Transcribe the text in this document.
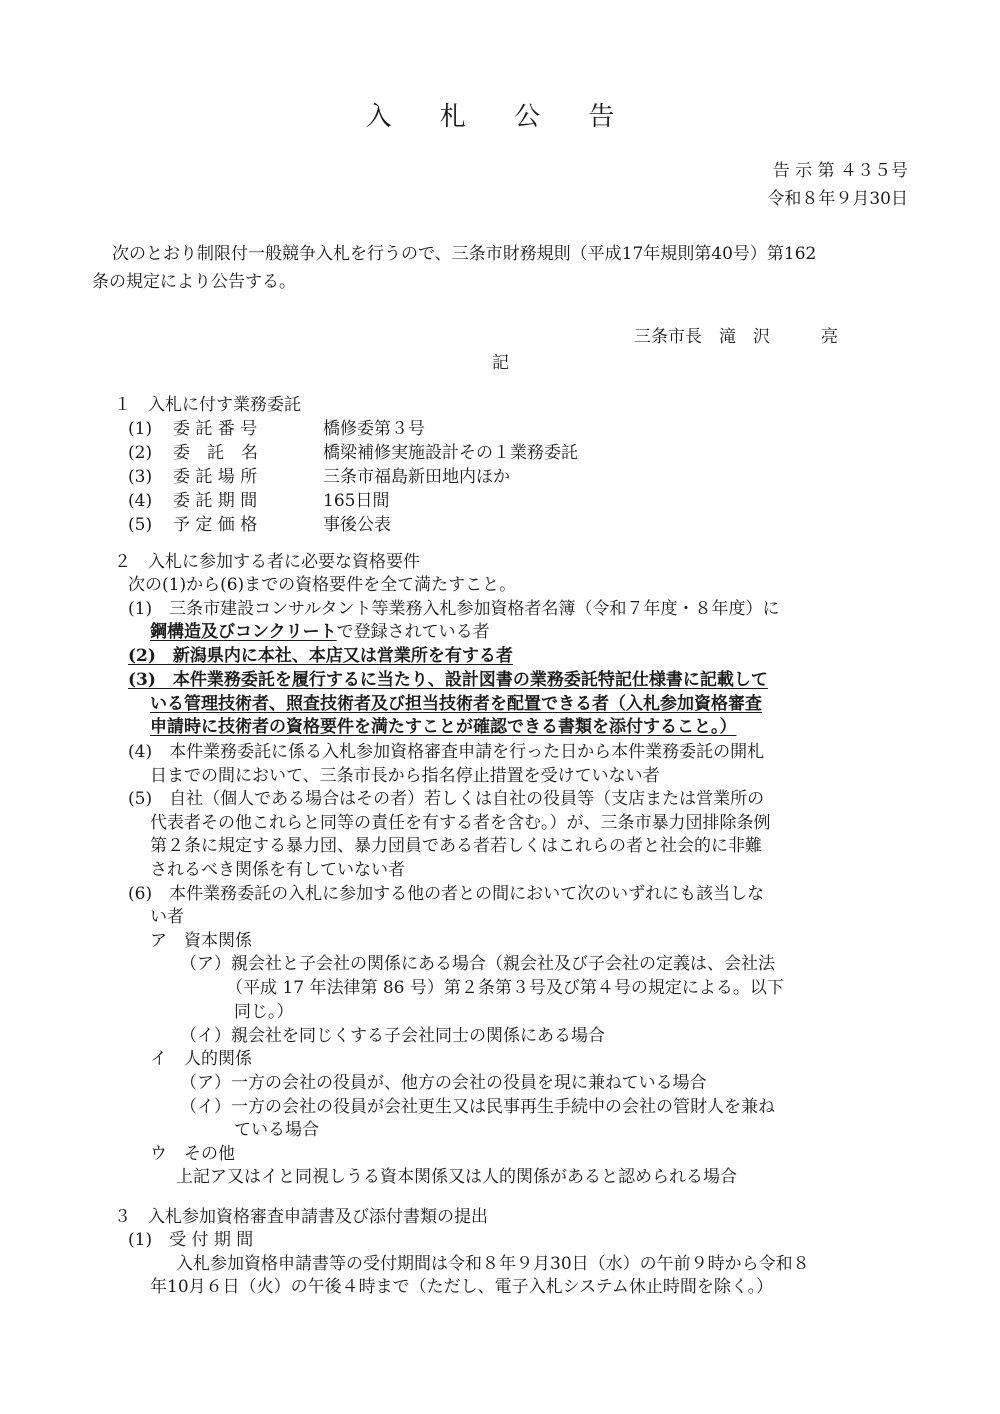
入 札 公 告
告 示 第 ４３５号
令和８年９月30日
次のとおり制限付一般競争入札を行うので、三条市財務規則（平成17年規則第40号）第162
条の規定により公告する。
三条市長　滝　沢　　　亮
記
１　入札に付す業務委託
(1) 委 託 番 号	橋修委第３号
(2) 委　託　名	橋梁補修実施設計その１業務委託
(3) 委 託 場 所	三条市福島新田地内ほか
(4) 委 託 期 間	165日間
(5) 予 定 価 格	事後公表
２　入札に参加する者に必要な資格要件
次の(1)から(6)までの資格要件を全て満たすこと。
(1)　三条市建設コンサルタント等業務入札参加資格者名簿（令和７年度・８年度）に
鋼構造及びコンクリートで登録されている者
(2)　新潟県内に本社、本店又は営業所を有する者
(3)　本件業務委託を履行するに当たり、設計図書の業務委託特記仕様書に記載して
いる管理技術者、照査技術者及び担当技術者を配置できる者（入札参加資格審査
申請時に技術者の資格要件を満たすことが確認できる書類を添付すること。）
(4)　本件業務委託に係る入札参加資格審査申請を行った日から本件業務委託の開札
日までの間において、三条市長から指名停止措置を受けていない者
(5)　自社（個人である場合はその者）若しくは自社の役員等（支店または営業所の
代表者その他これらと同等の責任を有する者を含む。）が、三条市暴力団排除条例
第２条に規定する暴力団、暴力団員である者若しくはこれらの者と社会的に非難
されるべき関係を有していない者
(6)　本件業務委託の入札に参加する他の者との間において次のいずれにも該当しな
い者
ア　資本関係
（ア）親会社と子会社の関係にある場合（親会社及び子会社の定義は、会社法
（平成 17 年法律第 86 号）第２条第３号及び第４号の規定による。以下
同じ。）
（イ）親会社を同じくする子会社同士の関係にある場合
イ　人的関係
（ア）一方の会社の役員が、他方の会社の役員を現に兼ねている場合
（イ）一方の会社の役員が会社更生又は民事再生手続中の会社の管財人を兼ね
ている場合
ウ　その他
上記ア又はイと同視しうる資本関係又は人的関係があると認められる場合
３　入札参加資格審査申請書及び添付書類の提出
(1)　受 付 期 間
入札参加資格申請書等の受付期間は令和８年９月30日（水）の午前９時から令和８
年10月６日（火）の午後４時まで（ただし、電子入札システム休止時間を除く。）
